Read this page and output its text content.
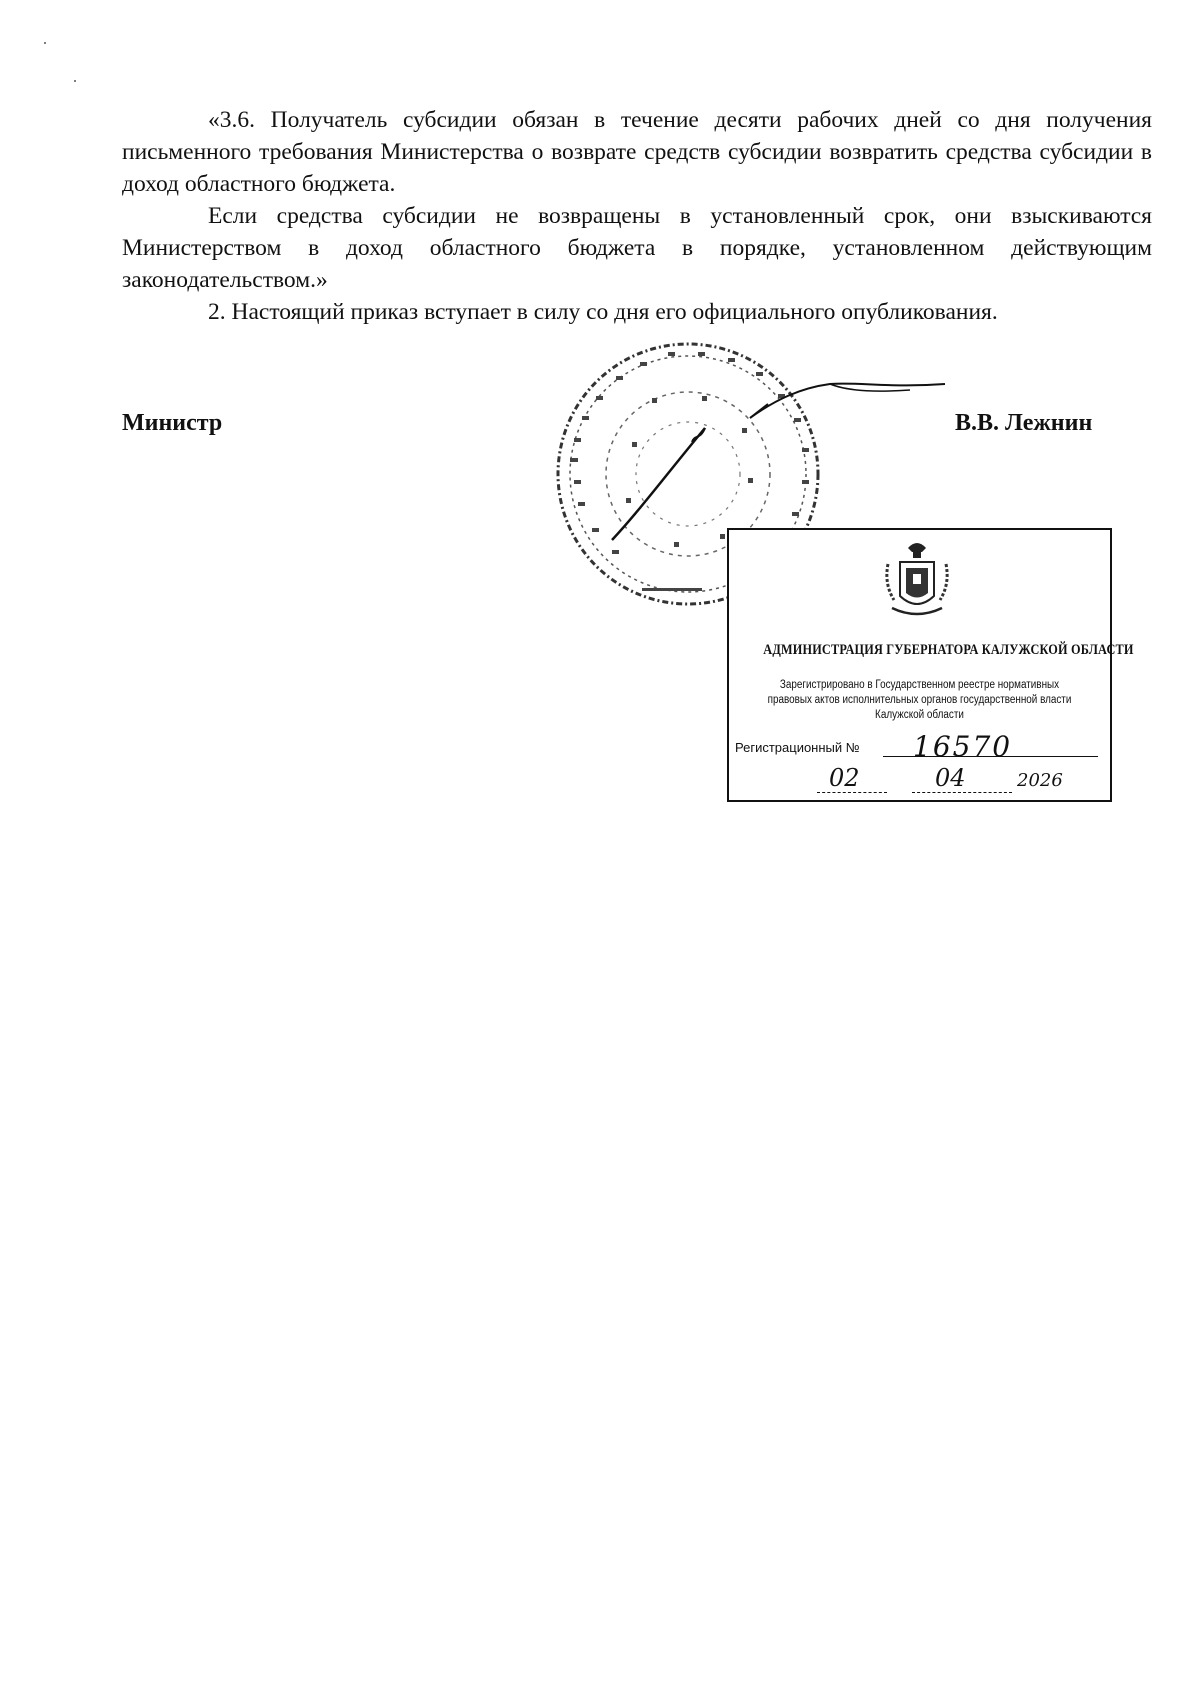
«3.6. Получатель субсидии обязан в течение десяти рабочих дней со дня получения письменного требования Министерства о возврате средств субсидии возвратить средства субсидии в доход областного бюджета.

Если средства субсидии не возвращены в установленный срок, они взыскиваются Министерством в доход областного бюджета в порядке, установленном действующим законодательством.»

2. Настоящий приказ вступает в силу со дня его официального опубликования.

Министр	В.В. Лежнин
АДМИНИСТРАЦИЯ ГУБЕРНАТОРА КАЛУЖСКОЙ ОБЛАСТИ
Зарегистрировано в Государственном реестре нормативных
правовых актов исполнительных органов государственной власти
Калужской области
Регистрационный № 16570
02	04	2026
